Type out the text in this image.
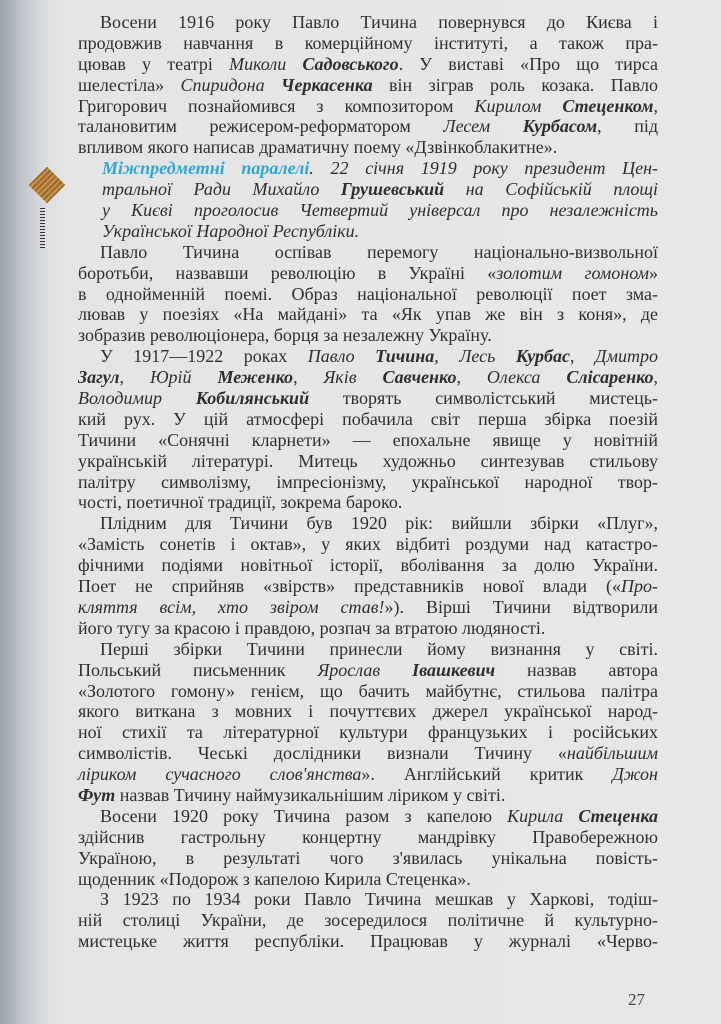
Восени 1916 року Павло Тичина повернувся до Києва і
продовжив навчання в комерційному інституті, а також пра-
цював у театрі Миколи Садовського. У виставі «Про що тирса
шелестіла» Спиридона Черкасенка він зіграв роль козака. Павло
Григорович познайомився з композитором Кирилом Стеценком,
талановитим режисером-реформатором Лесем Курбасом, під
впливом якого написав драматичну поему «Дзвінкоблакитне».
Міжпредметні паралелі. 22 січня 1919 року президент Цен-
тральної Ради Михайло Грушевський на Софійській площі
у Києві проголосив Четвертий універсал про незалежність
Української Народної Республіки.
Павло Тичина оспівав перемогу національно-визвольної
боротьби, назвавши революцію в Україні «золотим гомоном»
в однойменній поемі. Образ національної революції поет зма-
лював у поезіях «На майдані» та «Як упав же він з коня», де
зобразив революціонера, борця за незалежну Україну.
У 1917—1922 роках Павло Тичина, Лесь Курбас, Дмитро
Загул, Юрій Меженко, Яків Савченко, Олекса Слісаренко,
Володимир Кобилянський творять символістський мистець-
кий рух. У цій атмосфері побачила світ перша збірка поезій
Тичини «Сонячні кларнети» — епохальне явище у новітній
українській літературі. Митець художньо синтезував стильову
палітру символізму, імпресіонізму, української народної твор-
чості, поетичної традиції, зокрема бароко.
Плідним для Тичини був 1920 рік: вийшли збірки «Плуг»,
«Замість сонетів і октав», у яких відбиті роздуми над катастро-
фічними подіями новітньої історії, вболівання за долю України.
Поет не сприйняв «звірств» представників нової влади («Про-
кляття всім, хто звіром став!»). Вірші Тичини відтворили
його тугу за красою і правдою, розпач за втратою людяності.
Перші збірки Тичини принесли йому визнання у світі.
Польський письменник Ярослав Івашкевич назвав автора
«Золотого гомону» генієм, що бачить майбутнє, стильова палітра
якого виткана з мовних і почуттєвих джерел української народ-
ної стихії та літературної культури французьких і російських
символістів. Чеські дослідники визнали Тичину «найбільшим
ліриком сучасного слов'янства». Англійський критик Джон
Фут назвав Тичину наймузикальнішим ліриком у світі.
Восени 1920 року Тичина разом з капелою Кирила Стеценка
здійснив гастрольну концертну мандрівку Правобережною
Україною, в результаті чого з'явилась унікальна повість-
щоденник «Подорож з капелою Кирила Стеценка».
З 1923 по 1934 роки Павло Тичина мешкав у Харкові, тодіш-
ній столиці України, де зосередилося політичне й культурно-
мистецьке життя республіки. Працював у журналі «Черво-
27
